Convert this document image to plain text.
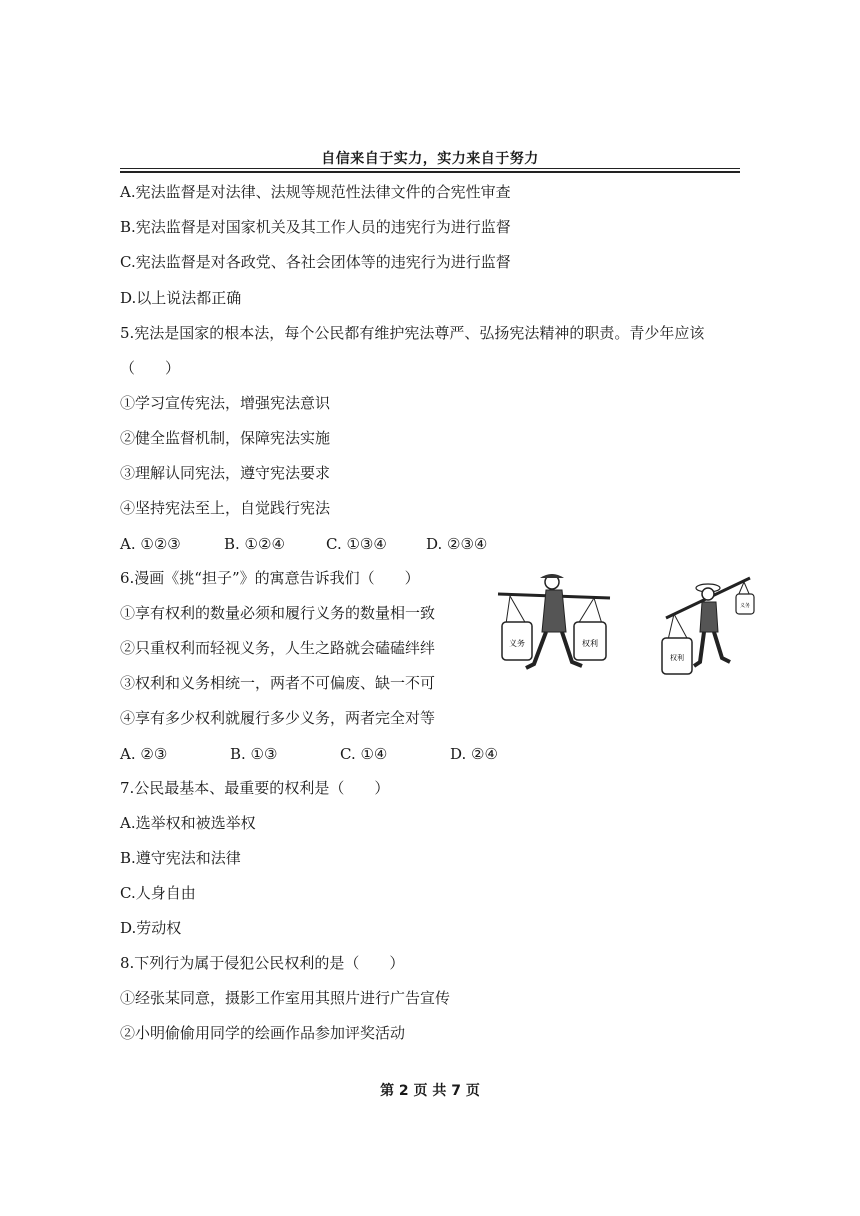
自信来自于实力，实力来自于努力
A.宪法监督是对法律、法规等规范性法律文件的合宪性审查
B.宪法监督是对国家机关及其工作人员的违宪行为进行监督
C.宪法监督是对各政党、各社会团体等的违宪行为进行监督
D.以上说法都正确
5.宪法是国家的根本法，每个公民都有维护宪法尊严、弘扬宪法精神的职责。青少年应该
（　　）
①学习宣传宪法，增强宪法意识
②健全监督机制，保障宪法实施
③理解认同宪法，遵守宪法要求
④坚持宪法至上，自觉践行宪法
A. ①②③	B. ①②④	C. ①③④	D. ②③④
6.漫画《挑“担子”》的寓意告诉我们（　　）
①享有权利的数量必须和履行义务的数量相一致
②只重权利而轻视义务，人生之路就会磕磕绊绊
③权利和义务相统一，两者不可偏废、缺一不可
④享有多少权利就履行多少义务，两者完全对等
A. ②③	B. ①③	C. ①④	D. ②④
义务	权利
权利
义务
7.公民最基本、最重要的权利是（　　）
A.选举权和被选举权
B.遵守宪法和法律
C.人身自由
D.劳动权
8.下列行为属于侵犯公民权利的是（　　）
①经张某同意，摄影工作室用其照片进行广告宣传
②小明偷偷用同学的绘画作品参加评奖活动
第 2 页 共 7 页
